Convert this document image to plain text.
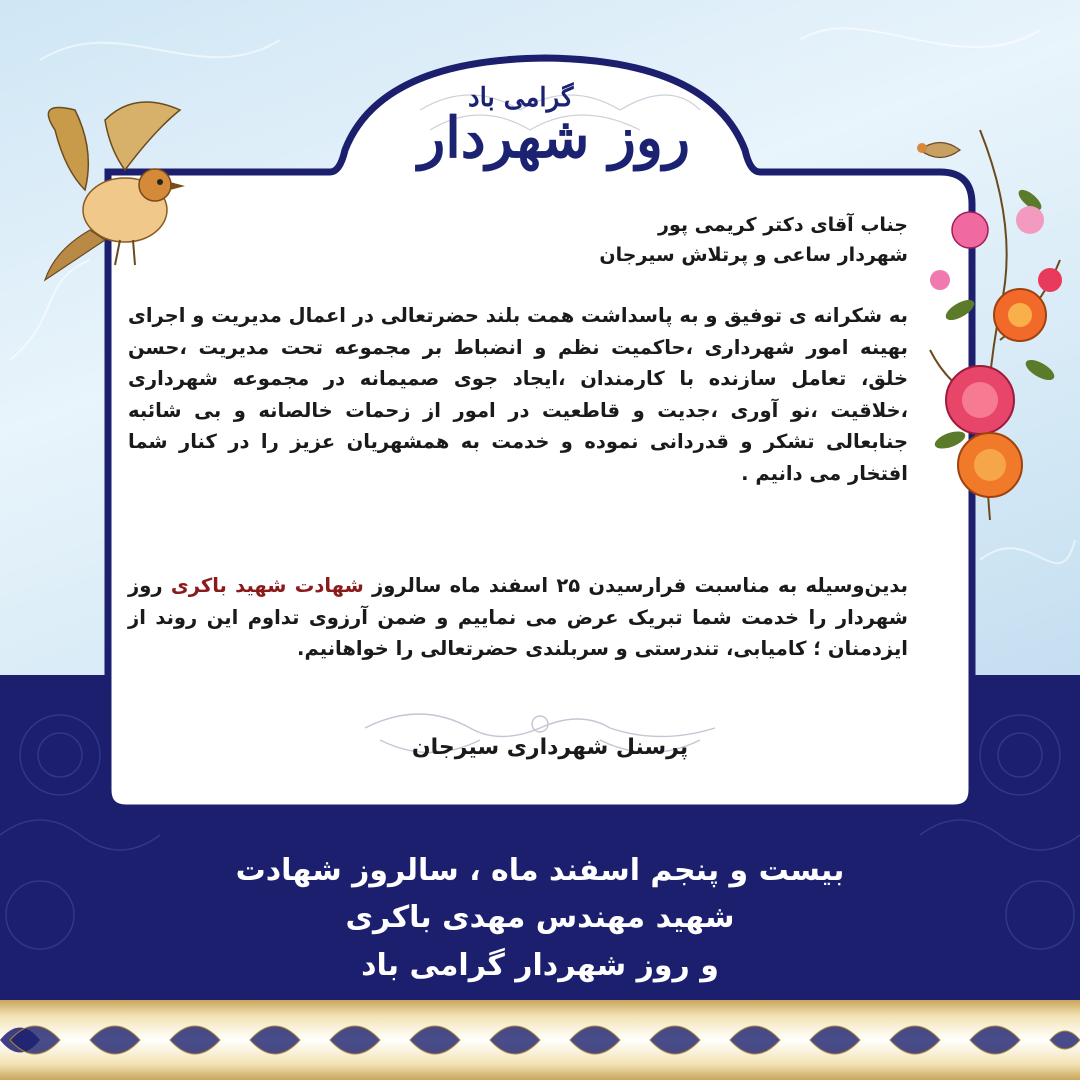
گرامی باد
روز شهردار
جناب آقای دکتر کریمی پور
شهردار ساعی و پرتلاش سیرجان
به شکرانه ی توفیق و به پاسداشت همت بلند حضرتعالی در اعمال مدیریت و اجرای بهینه امور شهرداری ،حاکمیت نظم و انضباط بر مجموعه تحت مدیریت ،حسن خلق، تعامل سازنده با کارمندان ،ایجاد جوی صمیمانه در مجموعه شهرداری ،خلاقیت ،نو آوری ،جدیت و قاطعیت در امور از زحمات خالصانه و بی شائبه جنابعالی تشکر و قدردانی نموده و خدمت به همشهریان عزیز را در کنار شما افتخار می دانیم .
بدین‌وسیله به مناسبت فرارسیدن ۲۵ اسفند ماه سالروز شهادت شهید باکری روز شهردار را خدمت شما تبریک عرض می نماییم و ضمن آرزوی تداوم این روند از ایزدمنان ؛ کامیابی، تندرستی و سربلندی حضرتعالی را خواهانیم.
پرسنل شهرداری سیرجان
بیست و پنجم اسفند ماه ، سالروز شهادت
شهید مهندس مهدی باکری
و روز شهردار گرامی باد
